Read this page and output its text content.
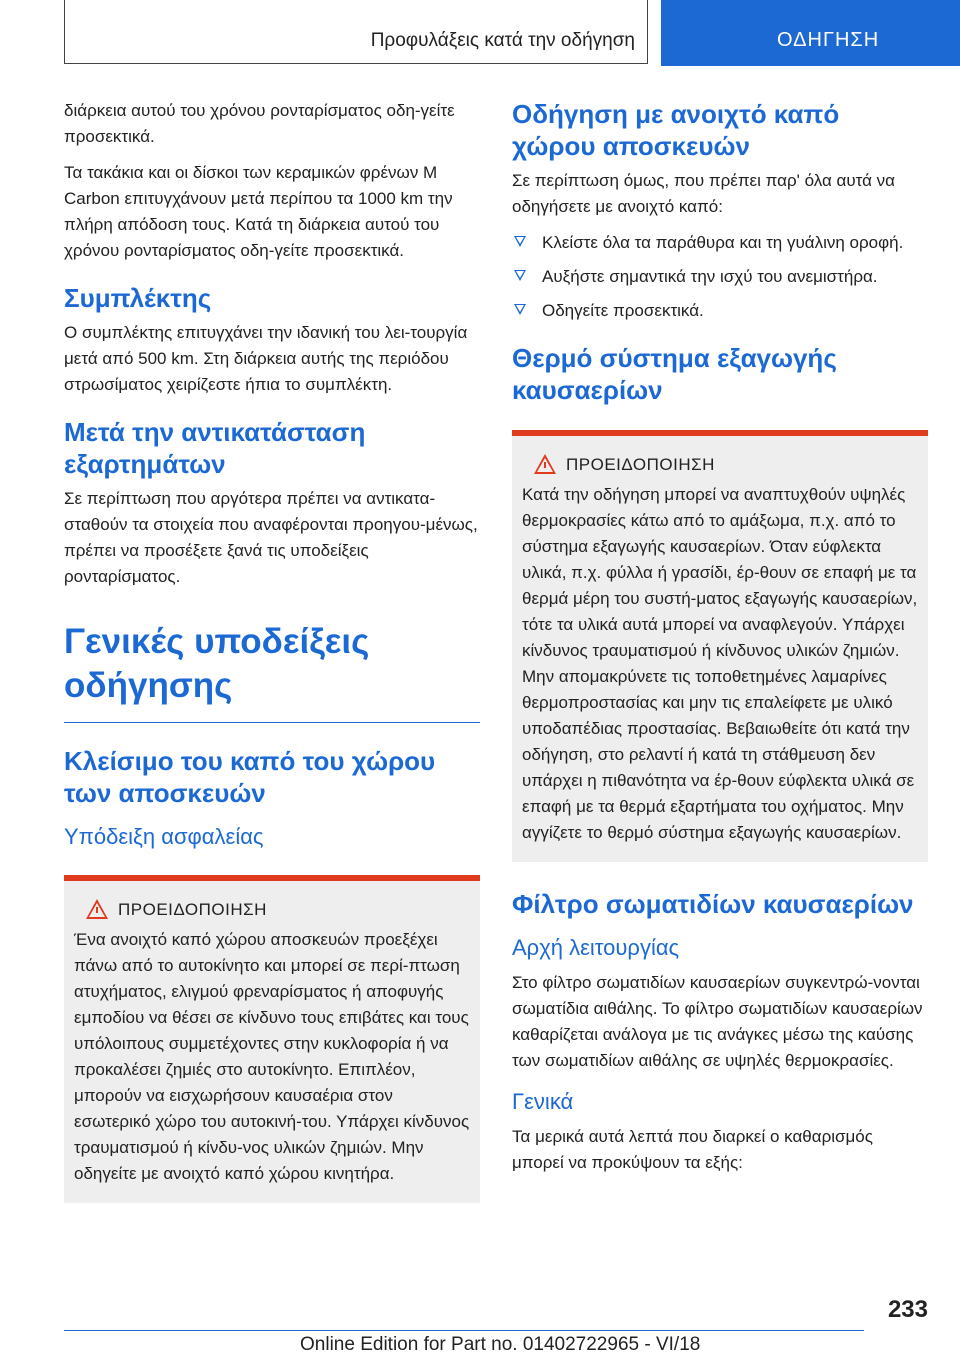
Προφυλάξεις κατά την οδήγηση	ΟΔΗΓΗΣΗ

διάρκεια αυτού του χρόνου ρονταρίσματος οδη‐γείτε προσεκτικά.

Τα τακάκια και οι δίσκοι των κεραμικών φρένων M Carbon επιτυγχάνουν μετά περίπου τα 1000 km την πλήρη απόδοση τους. Κατά τη διάρκεια αυτού του χρόνου ρονταρίσματος οδη‐γείτε προσεκτικά.

Συμπλέκτης

Ο συμπλέκτης επιτυγχάνει την ιδανική του λει‐τουργία μετά από 500 km. Στη διάρκεια αυτής της περιόδου στρωσίματος χειρίζεστε ήπια το συμπλέκτη.

Μετά την αντικατάσταση εξαρτημάτων

Σε περίπτωση που αργότερα πρέπει να αντικατα‐σταθούν τα στοιχεία που αναφέρονται προηγου‐μένως, πρέπει να προσέξετε ξανά τις υποδείξεις ρονταρίσματος.

Γενικές υποδείξεις οδήγησης
Κλείσιμο του καπό του χώρου των αποσκευών
Υπόδειξη ασφαλείας
ΠΡΟΕΙΔΟΠΟΙΗΣΗ

Ένα ανοιχτό καπό χώρου αποσκευών προεξέχει πάνω από το αυτοκίνητο και μπορεί σε περί‐πτωση ατυχήματος, ελιγμού φρεναρίσματος ή αποφυγής εμποδίου να θέσει σε κίνδυνο τους επιβάτες και τους υπόλοιπους συμμετέχοντες στην κυκλοφορία ή να προκαλέσει ζημιές στο αυτοκίνητο. Επιπλέον, μπορούν να εισχωρήσουν καυσαέρια στον εσωτερικό χώρο του αυτοκινή‐του. Υπάρχει κίνδυνος τραυματισμού ή κίνδυ‐νος υλικών ζημιών. Μην οδηγείτε με ανοιχτό καπό χώρου κινητήρα.

Οδήγηση με ανοιχτό καπό χώρου αποσκευών

Σε περίπτωση όμως, που πρέπει παρ' όλα αυτά να οδηγήσετε με ανοιχτό καπό:

Κλείστε όλα τα παράθυρα και τη γυάλινη οροφή.
Αυξήστε σημαντικά την ισχύ του ανεμιστήρα.
Οδηγείτε προσεκτικά.
Θερμό σύστημα εξαγωγής καυσαερίων
ΠΡΟΕΙΔΟΠΟΙΗΣΗ

Κατά την οδήγηση μπορεί να αναπτυχθούν υψηλές θερμοκρασίες κάτω από το αμάξωμα, π.χ. από το σύστημα εξαγωγής καυσαερίων. Όταν εύφλεκτα υλικά, π.χ. φύλλα ή γρασίδι, έρ‐θουν σε επαφή με τα θερμά μέρη του συστή‐ματος εξαγωγής καυσαερίων, τότε τα υλικά αυτά μπορεί να αναφλεγούν. Υπάρχει κίνδυνος τραυματισμού ή κίνδυνος υλικών ζημιών. Μην απομακρύνετε τις τοποθετημένες λαμαρίνες θερμοπροστασίας και μην τις επαλείφετε με υλικό υποδαπέδιας προστασίας. Βεβαιωθείτε ότι κατά την οδήγηση, στο ρελαντί ή κατά τη στάθμευση δεν υπάρχει η πιθανότητα να έρ‐θουν εύφλεκτα υλικά σε επαφή με τα θερμά εξαρτήματα του οχήματος. Μην αγγίζετε το θερμό σύστημα εξαγωγής καυσαερίων.

Φίλτρο σωματιδίων καυσαερίων
Αρχή λειτουργίας

Στο φίλτρο σωματιδίων καυσαερίων συγκεντρώ‐νονται σωματίδια αιθάλης. Το φίλτρο σωματιδίων καυσαερίων καθαρίζεται ανάλογα με τις ανάγκες μέσω της καύσης των σωματιδίων αιθάλης σε υψηλές θερμοκρασίες.

Γενικά

Τα μερικά αυτά λεπτά που διαρκεί ο καθαρισμός μπορεί να προκύψουν τα εξής:

233
Online Edition for Part no. 01402722965 - VI/18
